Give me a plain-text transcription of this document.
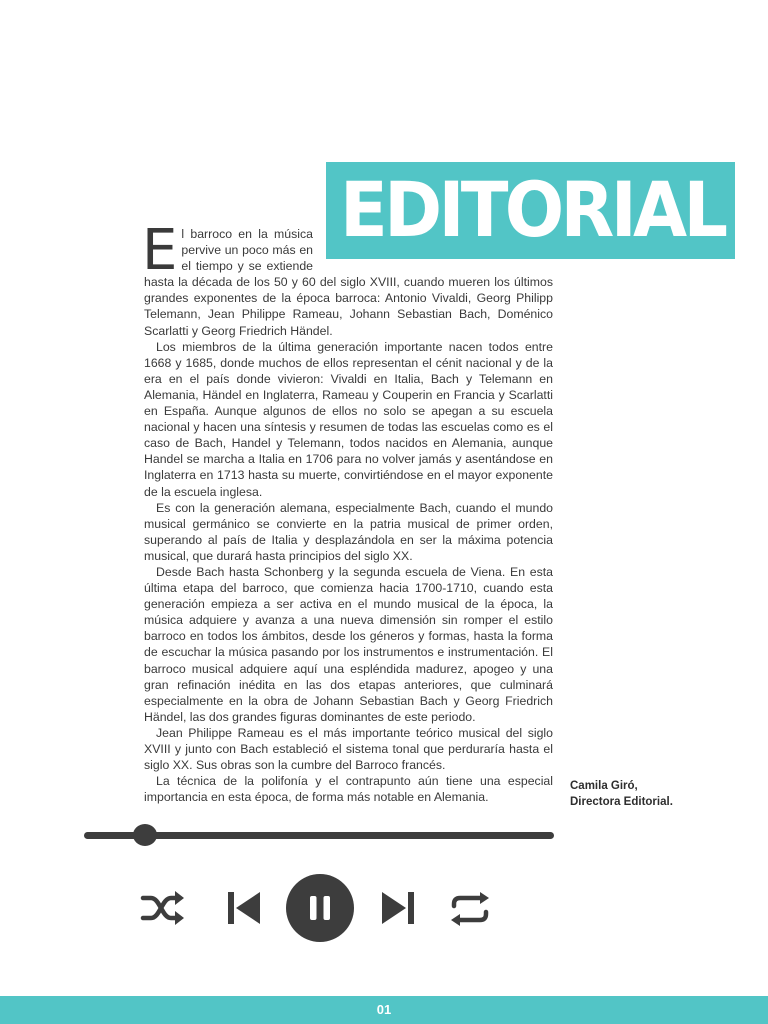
EDITORIAL

E l barroco en la música pervive un poco más en el tiempo y se extiende hasta la década de los 50 y 60 del siglo XVIII, cuando mueren los últimos grandes exponentes de la época barroca: Antonio Vivaldi, Georg Philipp Telemann, Jean Philippe Rameau, Johann Sebastian Bach, Doménico Scarlatti y Georg Friedrich Händel.

Los miembros de la última generación importante nacen todos entre 1668 y 1685, donde muchos de ellos representan el cénit nacional y de la era en el país donde vivieron: Vivaldi en Italia, Bach y Telemann en Alemania, Händel en Inglaterra, Rameau y Couperin en Francia y Scarlatti en España. Aunque algunos de ellos no solo se apegan a su escuela nacional y hacen una síntesis y resumen de todas las escuelas como es el caso de Bach, Handel y Telemann, todos nacidos en Alemania, aunque Handel se marcha a Italia en 1706 para no volver jamás y asentándose en Inglaterra en 1713 hasta su muerte, convirtiéndose en el mayor exponente de la escuela inglesa.

Es con la generación alemana, especialmente Bach, cuando el mundo musical germánico se convierte en la patria musical de primer orden, superando al país de Italia y desplazándola en ser la máxima potencia musical, que durará hasta principios del siglo XX.

Desde Bach hasta Schonberg y la segunda escuela de Viena. En esta última etapa del barroco, que comienza hacia 1700-1710, cuando esta generación empieza a ser activa en el mundo musical de la época, la música adquiere y avanza a una nueva dimensión sin romper el estilo barroco en todos los ámbitos, desde los géneros y formas, hasta la forma de escuchar la música pasando por los instrumentos e instrumentación. El barroco musical adquiere aquí una espléndida madurez, apogeo y una gran refinación inédita en las dos etapas anteriores, que culminará especialmente en la obra de Johann Sebastian Bach y Georg Friedrich Händel, las dos grandes figuras dominantes de este periodo.

Jean Philippe Rameau es el más importante teórico musical del siglo XVIII y junto con Bach estableció el sistema tonal que perduraría hasta el siglo XX. Sus obras son la cumbre del Barroco francés.

La técnica de la polifonía y el contrapunto aún tiene una especial importancia en esta época, de forma más notable en Alemania.

Camila Giró,
Directora Editorial.
01
